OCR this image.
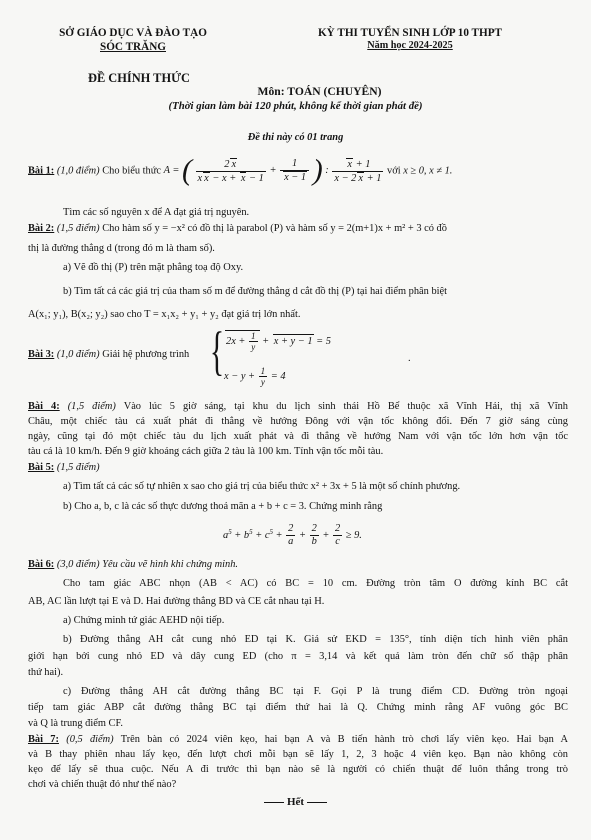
SỞ GIÁO DỤC VÀ ĐÀO TẠO
SÓC TRĂNG
KỲ THI TUYỂN SINH LỚP 10 THPT
Năm học 2024-2025
ĐỀ CHÍNH THỨC
Môn: TOÁN (CHUYÊN)
(Thời gian làm bài 120 phút, không kể thời gian phát đề)
Đề thi này có 01 trang
Bài 1: (1,0 điểm) Cho biểu thức A = ( $\frac{2 x}{\text{x x − x + x − 1}} + \frac{1}{x - 1}$ ) : $\frac{x + 1}{x - 2 x + 1}$ với x ≥ 0, x ≠ 1.
Tìm các số nguyên x để A đạt giá trị nguyên.
Bài 2: (1,5 điểm) Cho hàm số y = −x² có đồ thị là parabol (P) và hàm số y = 2(m+1)x + m² + 3 có đồ
thị là đường thẳng d (trong đó m là tham số).
a) Vẽ đồ thị (P) trên mặt phẳng toạ độ Oxy.
b) Tìm tất cả các giá trị của tham số m để đường thẳng d cắt đồ thị (P) tại hai điểm phân biệt
A(x₁; y₁), B(x₂; y₂) sao cho T = x₁x₂ + y₁ + y₂ đạt giá trị lớn nhất.
Bài 3: (1,0 điểm) Giải hệ phương trình { $2x + \frac{1}{y} + x + y - 1 = 5$
$x - y + \frac{1}{y} = 4$
.
Bài 4: (1,5 điểm) Vào lúc 5 giờ sáng, tại khu du lịch sinh thái Hồ Bể thuộc xã Vĩnh Hải, thị xã Vĩnh
Châu, một chiếc tàu cá xuất phát đi thẳng về hướng Đông với vận tốc không đổi. Đến 7 giờ sáng cùng
ngày, cũng tại đó một chiếc tàu du lịch xuất phát và đi thẳng về hướng Nam với vận tốc lớn hơn vận tốc
tàu cá là 10 km/h. Đến 9 giờ khoảng cách giữa 2 tàu là 100 km. Tính vận tốc mỗi tàu.
Bài 5: (1,5 điểm)
a) Tìm tất cả các số tự nhiên x sao cho giá trị của biểu thức x² + 3x + 5 là một số chính phương.
b) Cho a, b, c là các số thực dương thoả mãn a + b + c = 3. Chứng minh rằng
$a^5 + b^5 + c^5 + \frac{2}{a} + \frac{2}{b} + \frac{2}{c} \ge 9$.
Bài 6: (3,0 điểm) Yêu cầu vẽ hình khi chứng minh.
Cho tam giác ABC nhọn (AB < AC) có BC = 10 cm. Đường tròn tâm O đường kính BC cắt
AB, AC lần lượt tại E và D. Hai đường thẳng BD và CE cắt nhau tại H.
a) Chứng minh tứ giác AEHD nội tiếp.
b) Đường thẳng AH cắt cung nhỏ ED tại K. Giả sử EKD = 135°, tính diện tích hình viên phân
giới hạn bởi cung nhỏ ED và dây cung ED (cho π = 3,14 và kết quả làm tròn đến chữ số thập phân
thứ hai).
c) Đường thẳng AH cắt đường thẳng BC tại F. Gọi P là trung điểm CD. Đường tròn ngoại
tiếp tam giác ABP cắt đường thẳng BC tại điểm thứ hai là Q. Chứng minh rằng AF vuông góc BC
và Q là trung điểm CF.
Bài 7: (0,5 điểm) Trên bàn có 2024 viên kẹo, hai bạn A và B tiến hành trò chơi lấy viên kẹo. Hai bạn A
và B thay phiên nhau lấy kẹo, đến lượt chơi mỗi bạn sẽ lấy 1, 2, 3 hoặc 4 viên kẹo. Bạn nào không còn
kẹo để lấy sẽ thua cuộc. Nếu A đi trước thì bạn nào sẽ là người có chiến thuật để luôn thắng trong trò
chơi và chiến thuật đó như thế nào?
Hết
